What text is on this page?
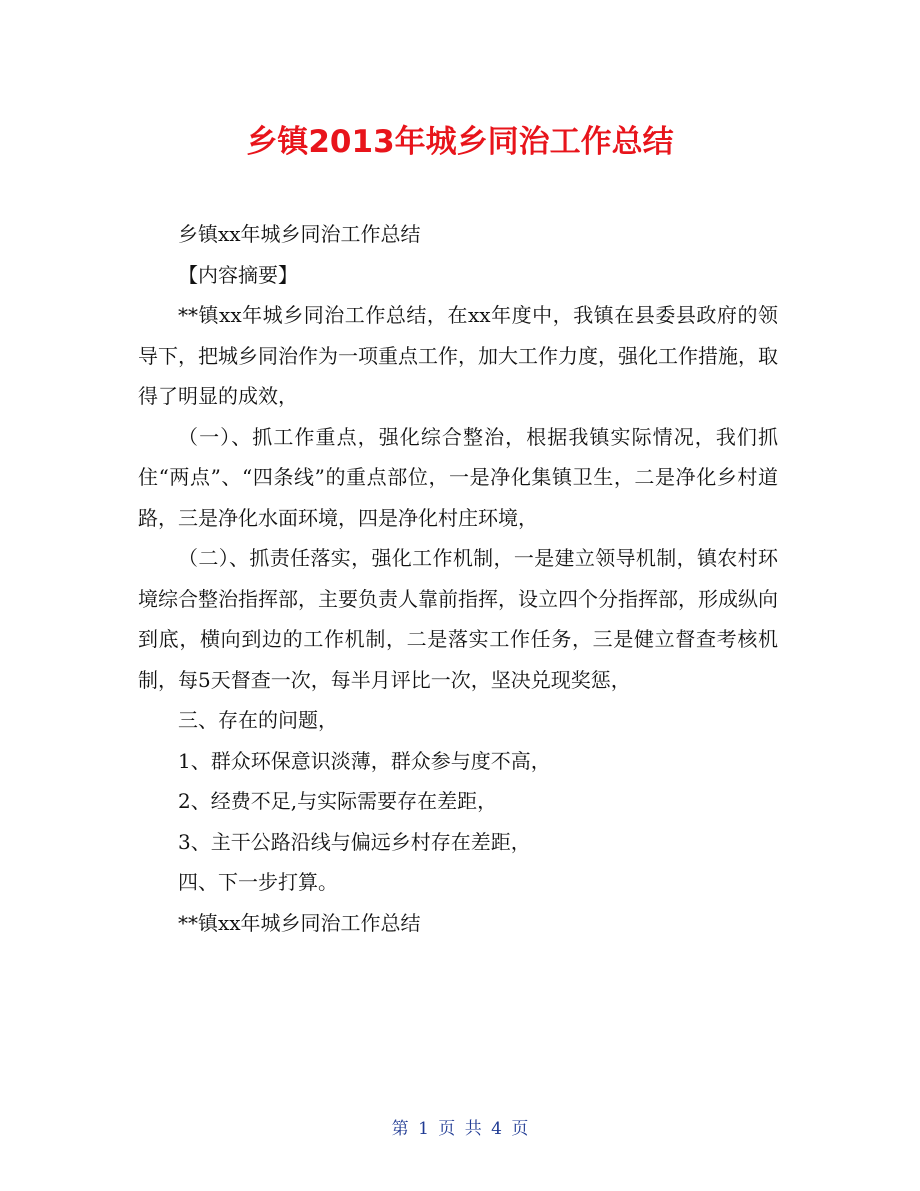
乡镇2013年城乡同治工作总结

乡镇xx年城乡同治工作总结

【内容摘要】

**镇xx年城乡同治工作总结，在xx年度中，我镇在县委县政府的领导下，把城乡同治作为一项重点工作，加大工作力度，强化工作措施，取得了明显的成效，

（一）、抓工作重点，强化综合整治，根据我镇实际情况，我们抓住“两点”、“四条线”的重点部位，一是净化集镇卫生，二是净化乡村道路，三是净化水面环境，四是净化村庄环境，

（二）、抓责任落实，强化工作机制，一是建立领导机制，镇农村环境综合整治指挥部，主要负责人靠前指挥，设立四个分指挥部，形成纵向到底，横向到边的工作机制，二是落实工作任务，三是健立督查考核机制，每5天督查一次，每半月评比一次，坚决兑现奖惩，

三、存在的问题，

1、群众环保意识淡薄，群众参与度不高，

2、经费不足,与实际需要存在差距，

3、主干公路沿线与偏远乡村存在差距，

四、下一步打算。

**镇xx年城乡同治工作总结

第 1 页 共 4 页
